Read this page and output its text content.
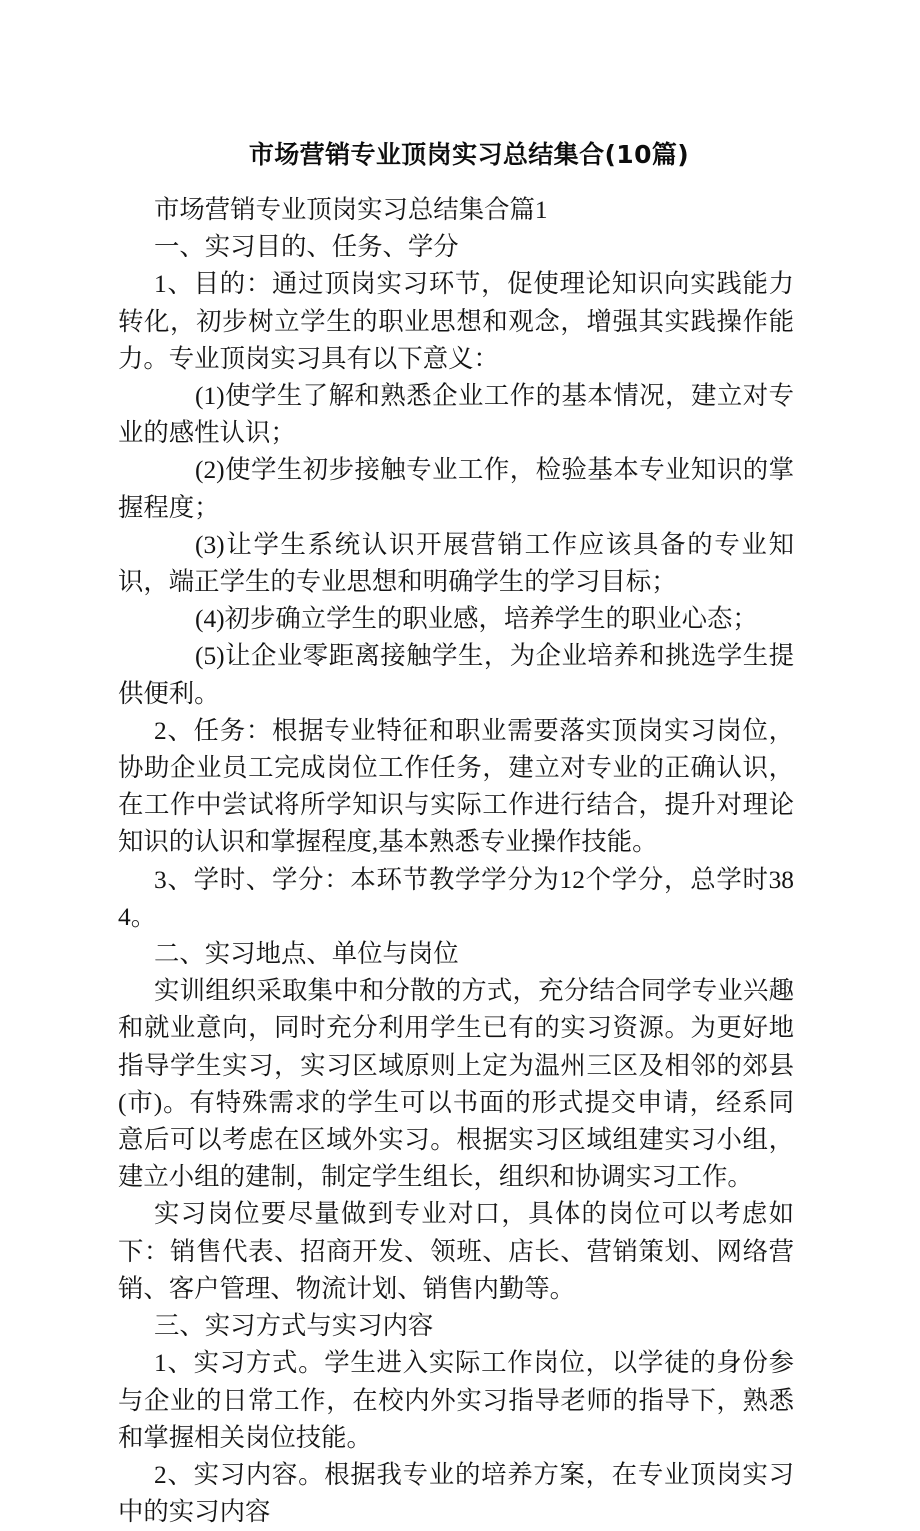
市场营销专业顶岗实习总结集合(10篇)

市场营销专业顶岗实习总结集合篇1

一、实习目的、任务、学分

1、目的：通过顶岗实习环节，促使理论知识向实践能力转化，初步树立学生的职业思想和观念，增强其实践操作能力。专业顶岗实习具有以下意义：

(1)使学生了解和熟悉企业工作的基本情况，建立对专业的感性认识；

(2)使学生初步接触专业工作，检验基本专业知识的掌握程度；

(3)让学生系统认识开展营销工作应该具备的专业知识，端正学生的专业思想和明确学生的学习目标；

(4)初步确立学生的职业感，培养学生的职业心态；

(5)让企业零距离接触学生，为企业培养和挑选学生提供便利。

2、任务：根据专业特征和职业需要落实顶岗实习岗位，协助企业员工完成岗位工作任务，建立对专业的正确认识，在工作中尝试将所学知识与实际工作进行结合，提升对理论知识的认识和掌握程度,基本熟悉专业操作技能。

3、学时、学分：本环节教学学分为12个学分，总学时384。

二、实习地点、单位与岗位

实训组织采取集中和分散的方式，充分结合同学专业兴趣和就业意向，同时充分利用学生已有的实习资源。为更好地指导学生实习，实习区域原则上定为温州三区及相邻的郊县(市)。有特殊需求的学生可以书面的形式提交申请，经系同意后可以考虑在区域外实习。根据实习区域组建实习小组，建立小组的建制，制定学生组长，组织和协调实习工作。

实习岗位要尽量做到专业对口，具体的岗位可以考虑如下：销售代表、招商开发、领班、店长、营销策划、网络营销、客户管理、物流计划、销售内勤等。

三、实习方式与实习内容

1、实习方式。学生进入实际工作岗位，以学徒的身份参与企业的日常工作，在校内外实习指导老师的指导下，熟悉和掌握相关岗位技能。

2、实习内容。根据我专业的培养方案，在专业顶岗实习中的实习内容
